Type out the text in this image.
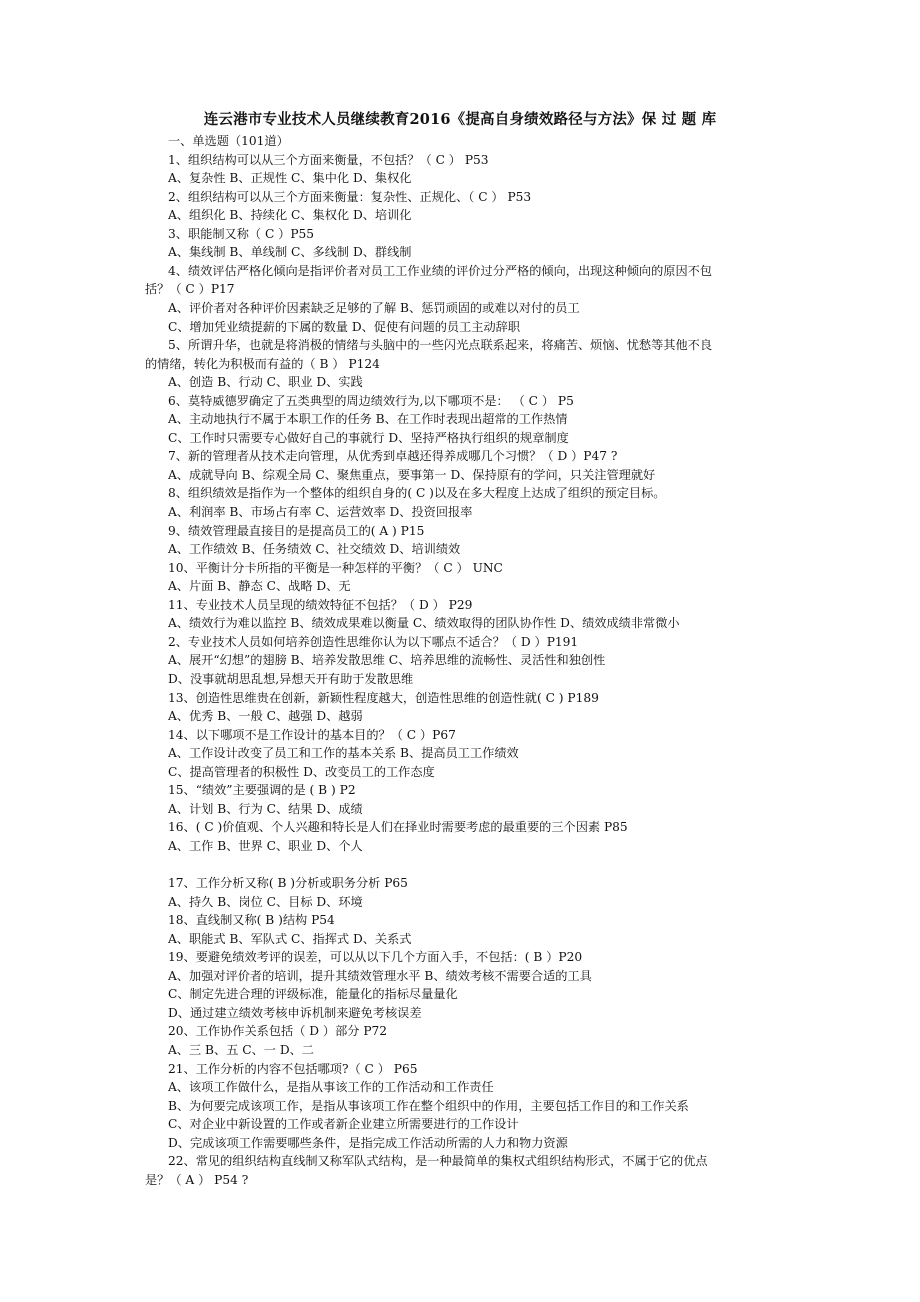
连云港市专业技术人员继续教育2016《提高自身绩效路径与方法》保 过 题 库
一、单选题（101道）
1、组织结构可以从三个方面来衡量，不包括？（ C ） P53
A、复杂性 B、正规性 C、集中化 D、集权化
2、组织结构可以从三个方面来衡量：复杂性、正规化、（ C ） P53
A、组织化 B、持续化 C、集权化 D、培训化
3、职能制又称（ C ）P55
A、集线制 B、单线制 C、多线制 D、群线制
4、绩效评估严格化倾向是指评价者对员工工作业绩的评价过分严格的倾向，出现这种倾向的原因不包
括？（ C ）P17
A、评价者对各种评价因素缺乏足够的了解 B、惩罚顽固的或难以对付的员工
C、增加凭业绩提薪的下属的数量 D、促使有问题的员工主动辞职
5、所谓升华，也就是将消极的情绪与头脑中的一些闪光点联系起来，将痛苦、烦恼、忧愁等其他不良
的情绪，转化为积极而有益的（ B ） P124
A、创造 B、行动 C、职业 D、实践
6、莫特威德罗确定了五类典型的周边绩效行为,以下哪项不是： （ C ） P5
A、主动地执行不属于本职工作的任务 B、在工作时表现出超常的工作热情
C、工作时只需要专心做好自己的事就行 D、坚持严格执行组织的规章制度
7、新的管理者从技术走向管理，从优秀到卓越还得养成哪几个习惯？（ D ）P47 ?
A、成就导向 B、综观全局 C、聚焦重点，要事第一 D、保持原有的学问，只关注管理就好
8、组织绩效是指作为一个整体的组织自身的( C )以及在多大程度上达成了组织的预定目标。
A、利润率 B、市场占有率 C、运营效率 D、投资回报率
9、绩效管理最直接目的是提高员工的( A ) P15
A、工作绩效 B、任务绩效 C、社交绩效 D、培训绩效
10、平衡计分卡所指的平衡是一种怎样的平衡？（ C ） UNC
A、片面 B、静态 C、战略 D、无
11、专业技术人员呈现的绩效特征不包括？（ D ） P29
A、绩效行为难以监控 B、绩效成果难以衡量 C、绩效取得的团队协作性 D、绩效成绩非常微小
2、专业技术人员如何培养创造性思维你认为以下哪点不适合？（ D ）P191
A、展开“幻想”的翅膀 B、培养发散思维 C、培养思维的流畅性、灵活性和独创性
D、没事就胡思乱想,异想天开有助于发散思维
13、创造性思维贵在创新，新颖性程度越大，创造性思维的创造性就( C ) P189
A、优秀 B、一般 C、越强 D、越弱
14、以下哪项不是工作设计的基本目的？（ C ）P67
A、工作设计改变了员工和工作的基本关系 B、提高员工工作绩效
C、提高管理者的积极性 D、改变员工的工作态度
15、“绩效”主要强调的是 ( B ) P2
A、计划 B、行为 C、结果 D、成绩
16、( C )价值观、个人兴趣和特长是人们在择业时需要考虑的最重要的三个因素 P85
A、工作 B、世界 C、职业 D、个人
17、工作分析又称( B )分析或职务分析 P65
A、持久 B、岗位 C、目标 D、环境
18、直线制又称( B )结构 P54
A、职能式 B、军队式 C、指挥式 D、关系式
19、要避免绩效考评的误差，可以从以下几个方面入手，不包括：( B ）P20
A、加强对评价者的培训，提升其绩效管理水平 B、绩效考核不需要合适的工具
C、制定先进合理的评级标准，能量化的指标尽量量化
D、通过建立绩效考核申诉机制来避免考核误差
20、工作协作关系包括（ D ）部分 P72
A、三 B、五 C、一 D、二
21、工作分析的内容不包括哪项?（ C ） P65
A、该项工作做什么，是指从事该工作的工作活动和工作责任
B、为何要完成该项工作，是指从事该项工作在整个组织中的作用，主要包括工作目的和工作关系
C、对企业中新设置的工作或者新企业建立所需要进行的工作设计
D、完成该项工作需要哪些条件，是指完成工作活动所需的人力和物力资源
22、常见的组织结构直线制又称军队式结构，是一种最简单的集权式组织结构形式，不属于它的优点
是？（ A ） P54 ?
